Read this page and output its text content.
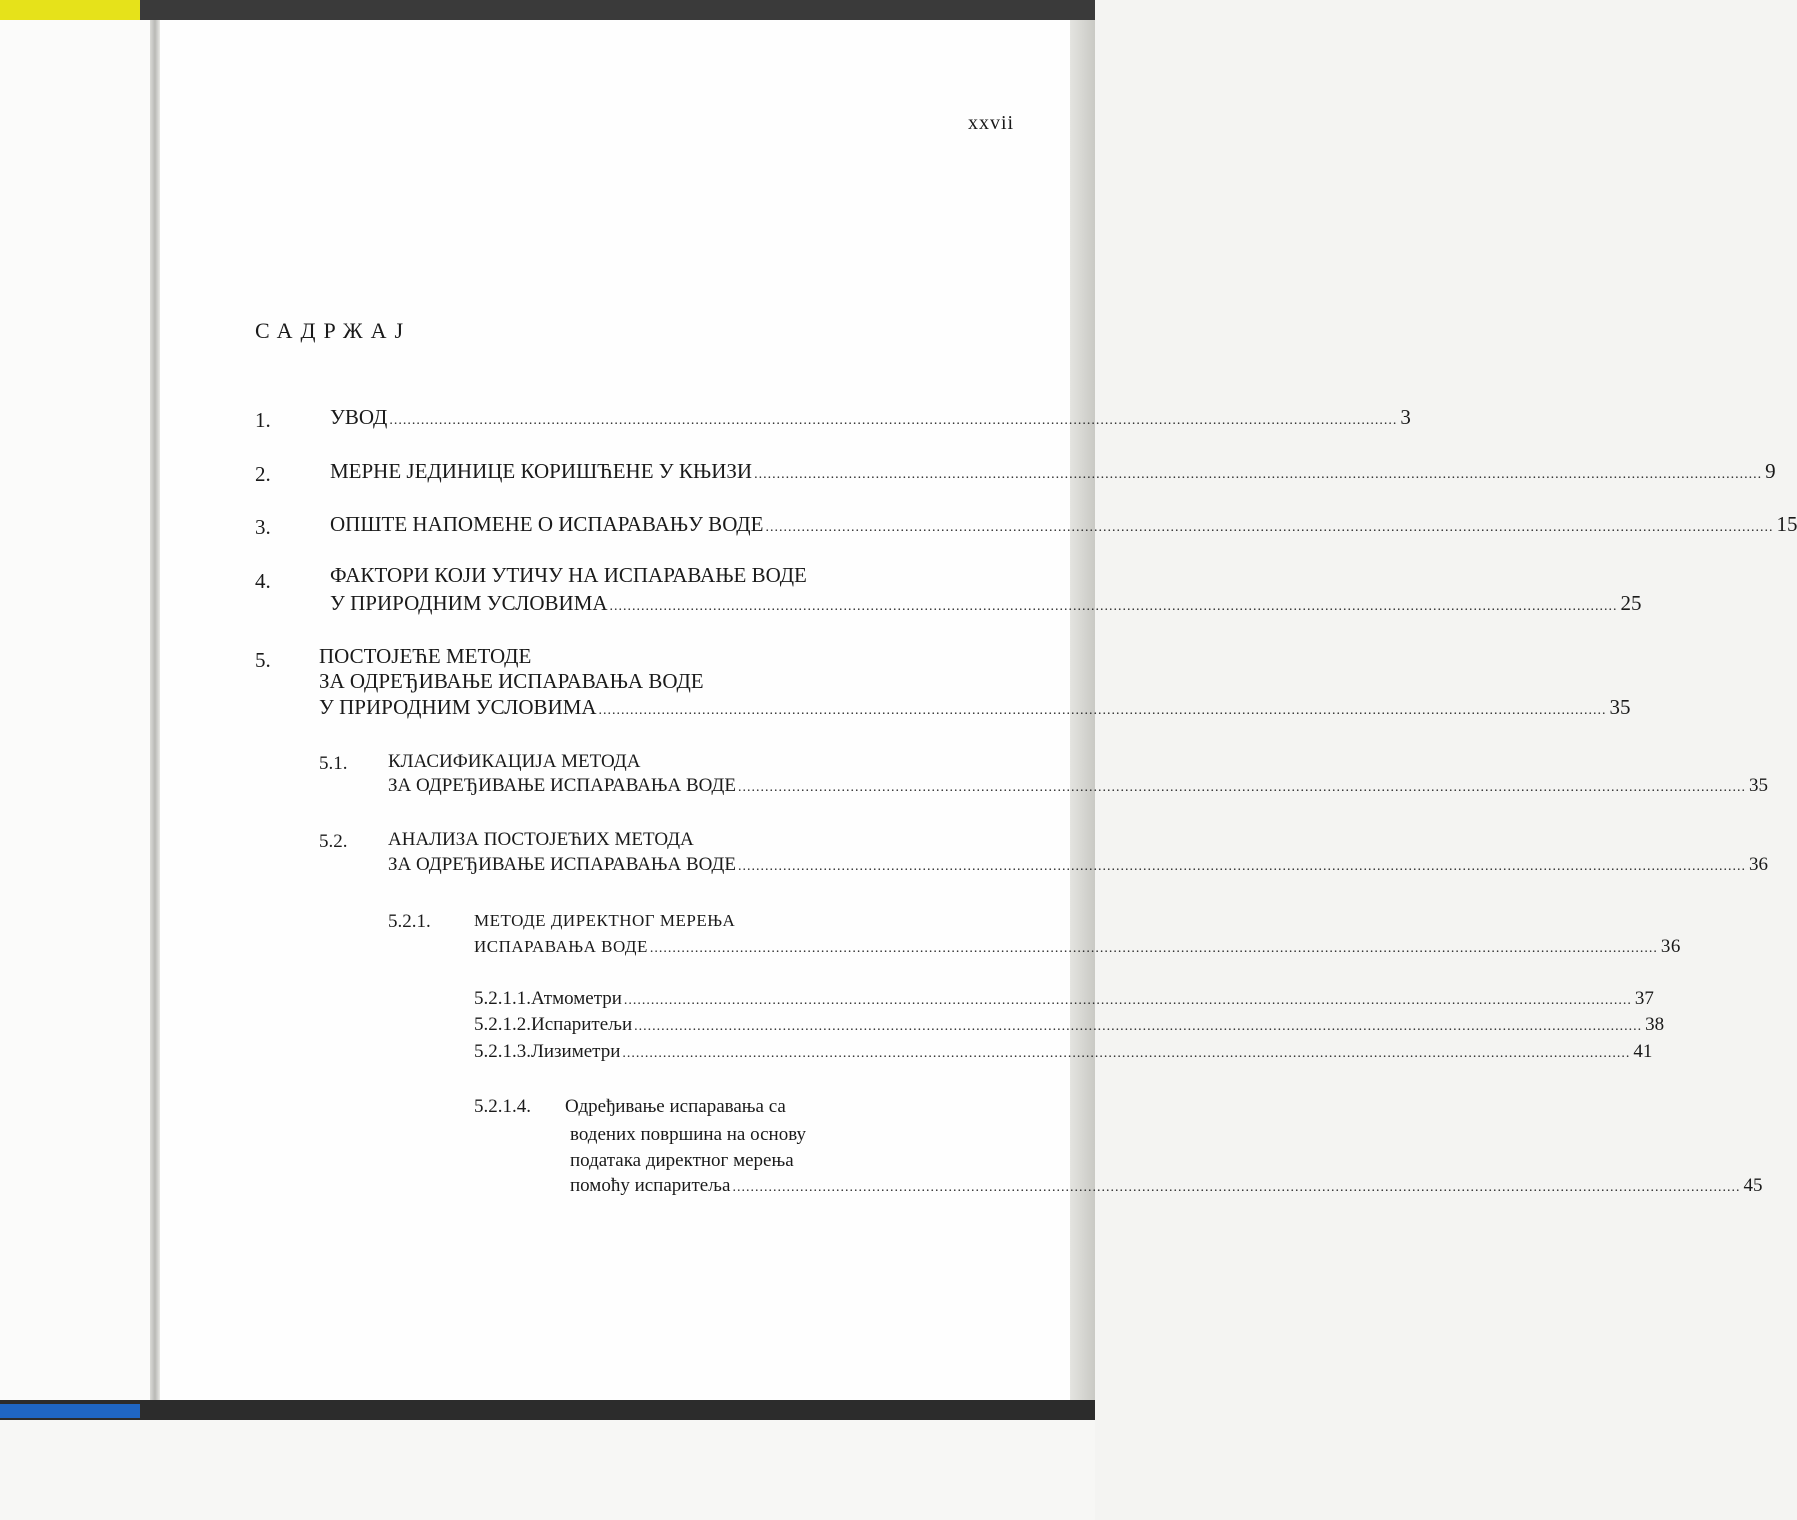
xxvii
САДРЖАЈ
1.	УВОД ................................................................................................................................................................................................................................ 3
2.	МЕРНЕ ЈЕДИНИЦЕ КОРИШЋЕНЕ У КЊИЗИ ................................................................................................................................................................................................................................ 9
3.	ОПШТЕ НАПОМЕНЕ О ИСПАРАВАЊУ ВОДЕ ................................................................................................................................................................................................................................ 15
4.	ФАКТОРИ КОЈИ УТИЧУ НА ИСПАРАВАЊЕ ВОДЕ
У ПРИРОДНИМ УСЛОВИМА ................................................................................................................................................................................................................................ 25
5. ПОСТОЈЕЋЕ МЕТОДЕ
ЗА ОДРЕЂИВАЊЕ ИСПАРАВАЊА ВОДЕ
У ПРИРОДНИМ УСЛОВИМА ................................................................................................................................................................................................................................ 35
5.1. КЛАСИФИКАЦИЈА МЕТОДА
ЗА ОДРЕЂИВАЊЕ ИСПАРАВАЊА ВОДЕ ................................................................................................................................................................................................................................ 35
5.2. АНАЛИЗА ПОСТОЈЕЋИХ МЕТОДА
ЗА ОДРЕЂИВАЊЕ ИСПАРАВАЊА ВОДЕ ................................................................................................................................................................................................................................ 36
5.2.1.	МЕТОДЕ ДИРЕКТНОГ МЕРЕЊА
ИСПАРАВАЊА ВОДЕ ................................................................................................................................................................................................................................ 36
5.2.1.1. Атмометри ................................................................................................................................................................................................................................ 37
5.2.1.2. Испаритељи ................................................................................................................................................................................................................................ 38
5.2.1.3. Лизиметри ................................................................................................................................................................................................................................ 41
5.2.1.4. Одређивање испаравања са
водених површина на основу
података директног мерења
помоћу испаритеља ................................................................................................................................................................................................................................ 45
